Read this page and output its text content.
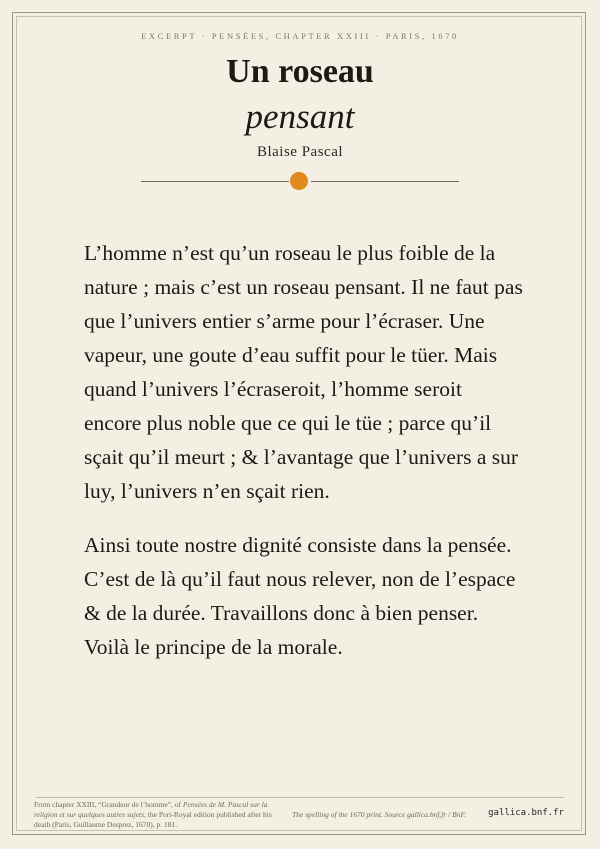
EXCERPT · PENSÉES, CHAPTER XXIII · PARIS, 1670
Un roseau
pensant
Blaise Pascal

L’homme n’est qu’un roseau le plus foible de la nature ; mais c’est un roseau pensant. Il ne faut pas que l’univers entier s’arme pour l’écraser. Une vapeur, une goute d’eau suffit pour le tüer. Mais quand l’univers l’écraseroit, l’homme seroit encore plus noble que ce qui le tüe ; parce qu’il sçait qu’il meurt ; & l’avantage que l’univers a sur luy, l’univers n’en sçait rien.

Ainsi toute nostre dignité consiste dans la pensée. C’est de là qu’il faut nous relever, non de l’espace & de la durée. Travaillons donc à bien penser. Voilà le principe de la morale.

From chapter XXIII, “Grandeur de l’homme”, of Pensées de M. Pascal sur la religion et sur quelques autres sujets, the Port-Royal edition published after his death (Paris, Guillaume Desprez, 1670), p. 181.
The spelling of the 1670 print. Source gallica.bnf.fr / BnF. gallica.bnf.fr
